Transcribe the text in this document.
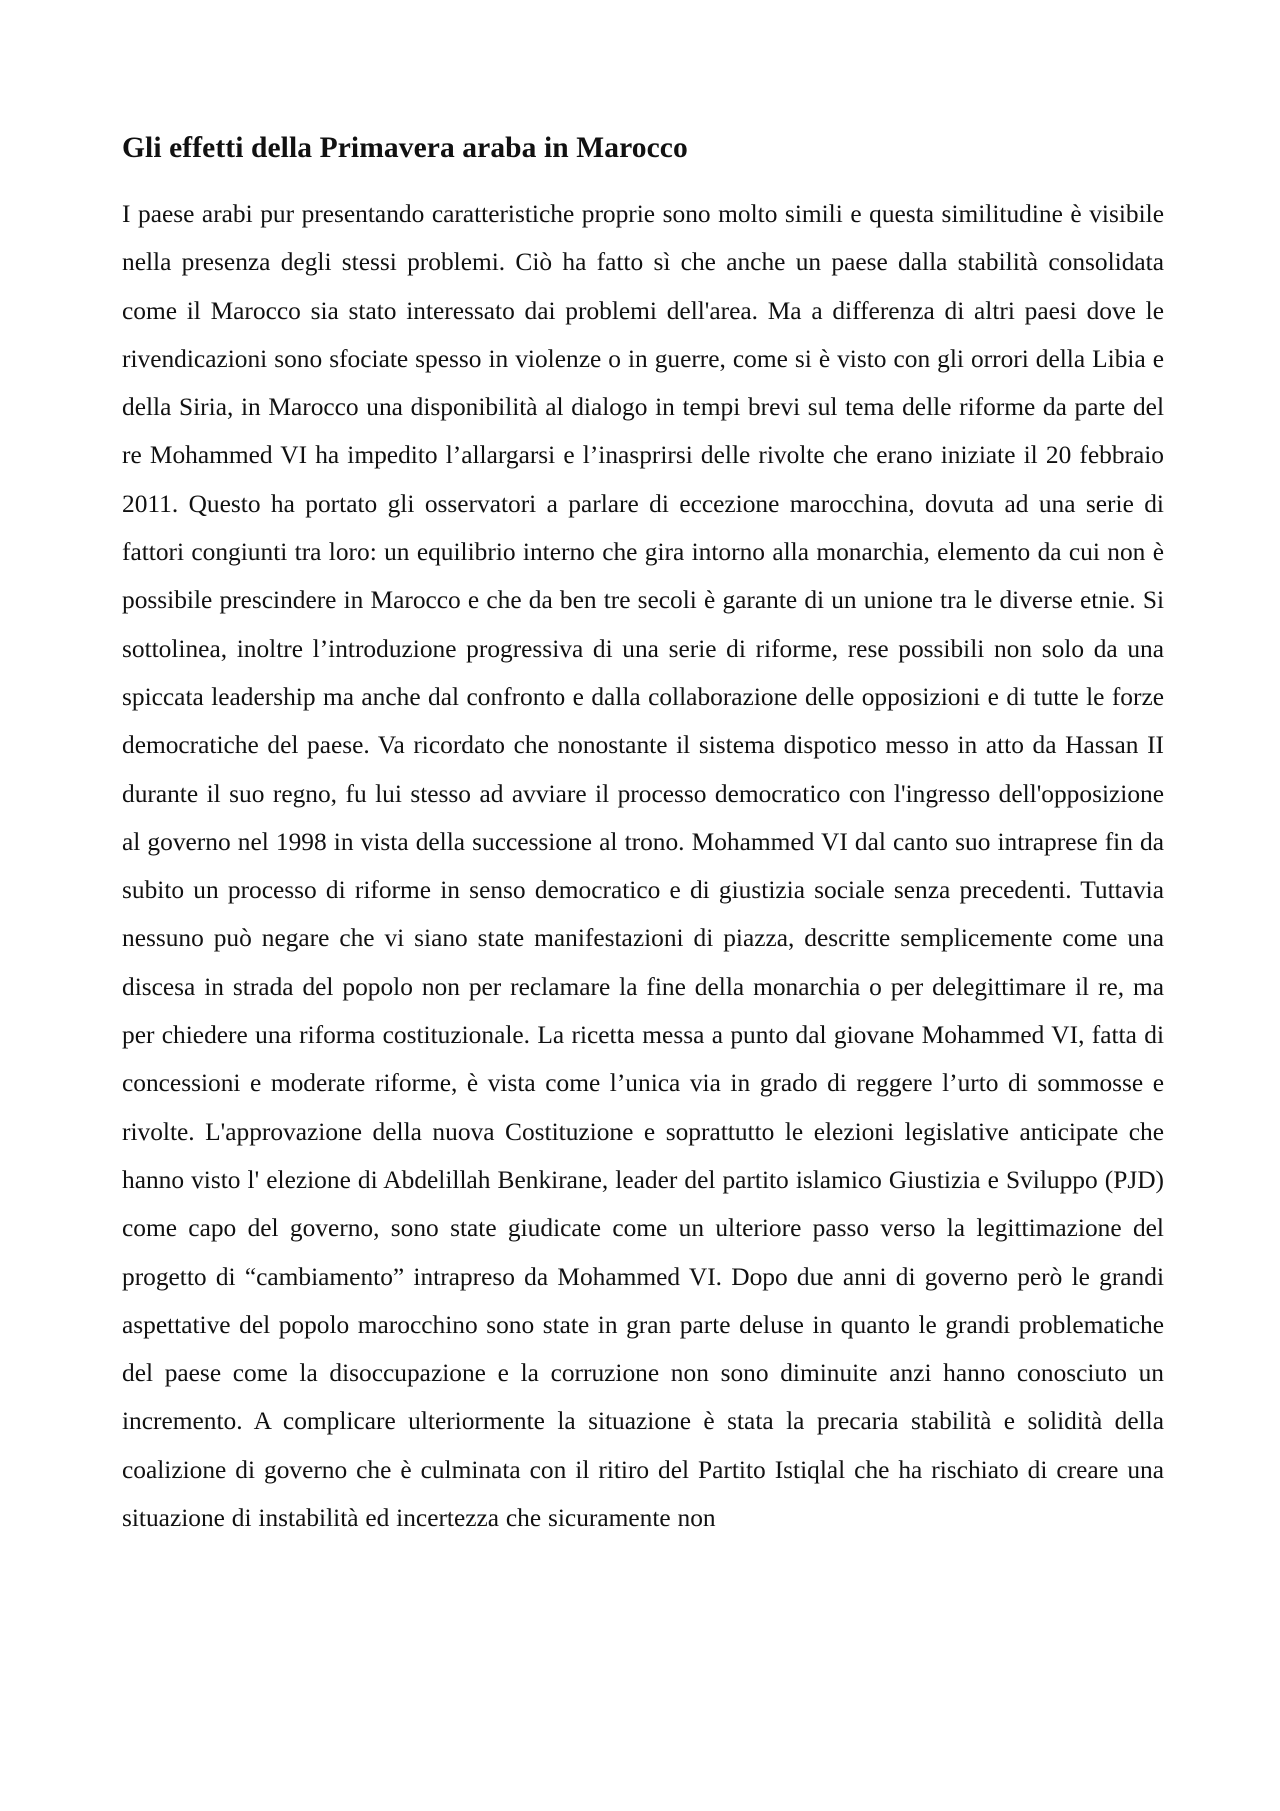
Gli effetti della Primavera araba in Marocco

I paese arabi pur presentando caratteristiche proprie sono molto simili e questa similitudine è visibile nella presenza degli stessi problemi. Ciò ha fatto sì che anche un paese dalla stabilità consolidata come il Marocco sia stato interessato dai problemi dell'area. Ma a differenza di altri paesi dove le rivendicazioni sono sfociate spesso in violenze o in guerre, come si è visto con gli orrori della Libia e della Siria, in Marocco una disponibilità al dialogo in tempi brevi sul tema delle riforme da parte del re Mohammed VI ha impedito l’allargarsi e l’inasprirsi delle rivolte che erano iniziate il 20 febbraio 2011. Questo ha portato gli osservatori a parlare di eccezione marocchina, dovuta ad una serie di fattori congiunti tra loro: un equilibrio interno che gira intorno alla monarchia, elemento da cui non è possibile prescindere in Marocco e che da ben tre secoli è garante di un unione tra le diverse etnie. Si sottolinea, inoltre l’introduzione progressiva di una serie di riforme, rese possibili non solo da una spiccata leadership ma anche dal confronto e dalla collaborazione delle opposizioni e di tutte le forze democratiche del paese. Va ricordato che nonostante il sistema dispotico messo in atto da Hassan II durante il suo regno, fu lui stesso ad avviare il processo democratico con l'ingresso dell'opposizione al governo nel 1998 in vista della successione al trono. Mohammed VI dal canto suo intraprese fin da subito un processo di riforme in senso democratico e di giustizia sociale senza precedenti. Tuttavia nessuno può negare che vi siano state manifestazioni di piazza, descritte semplicemente come una discesa in strada del popolo non per reclamare la fine della monarchia o per delegittimare il re, ma per chiedere una riforma costituzionale. La ricetta messa a punto dal giovane Mohammed VI, fatta di concessioni e moderate riforme, è vista come l’unica via in grado di reggere l’urto di sommosse e rivolte. L'approvazione della nuova Costituzione e soprattutto le elezioni legislative anticipate che hanno visto l' elezione di Abdelillah Benkirane, leader del partito islamico Giustizia e Sviluppo (PJD) come capo del governo, sono state giudicate come un ulteriore passo verso la legittimazione del progetto di “cambiamento” intrapreso da Mohammed VI. Dopo due anni di governo però le grandi aspettative del popolo marocchino sono state in gran parte deluse in quanto le grandi problematiche del paese come la disoccupazione e la corruzione non sono diminuite anzi hanno conosciuto un incremento. A complicare ulteriormente la situazione è stata la precaria stabilità e solidità della coalizione di governo che è culminata con il ritiro del Partito Istiqlal che ha rischiato di creare una situazione di instabilità ed incertezza che sicuramente non
